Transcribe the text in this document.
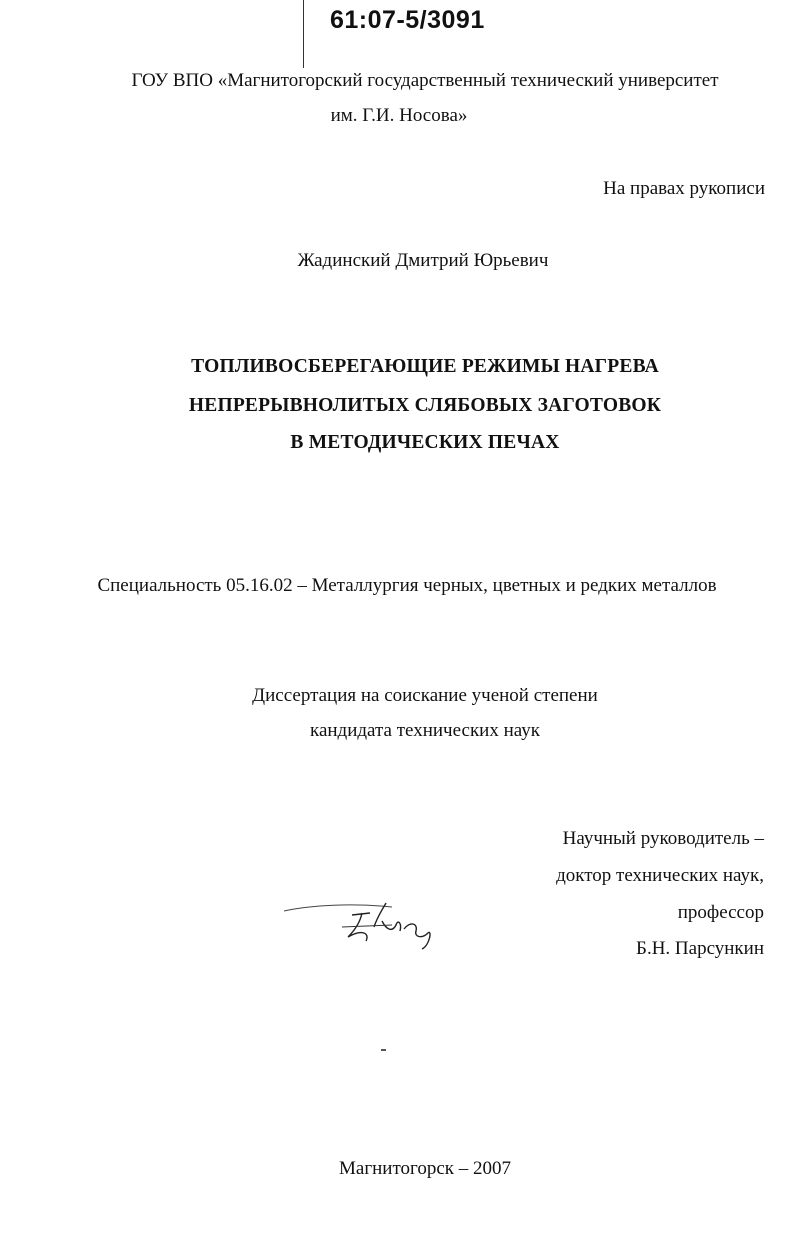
61:07-5/3091
ГОУ ВПО «Магнитогорский государственный технический университет
им. Г.И. Носова»
На правах рукописи
Жадинский Дмитрий Юрьевич
ТОПЛИВОСБЕРЕГАЮЩИЕ РЕЖИМЫ НАГРЕВА
НЕПРЕРЫВНОЛИТЫХ СЛЯБОВЫХ ЗАГОТОВОК
В МЕТОДИЧЕСКИХ ПЕЧАХ
Специальность 05.16.02 – Металлургия черных, цветных и редких металлов
Диссертация на соискание ученой степени
кандидата технических наук
Научный руководитель –
доктор технических наук,
профессор
Б.Н. Парсункин
Магнитогорск – 2007
